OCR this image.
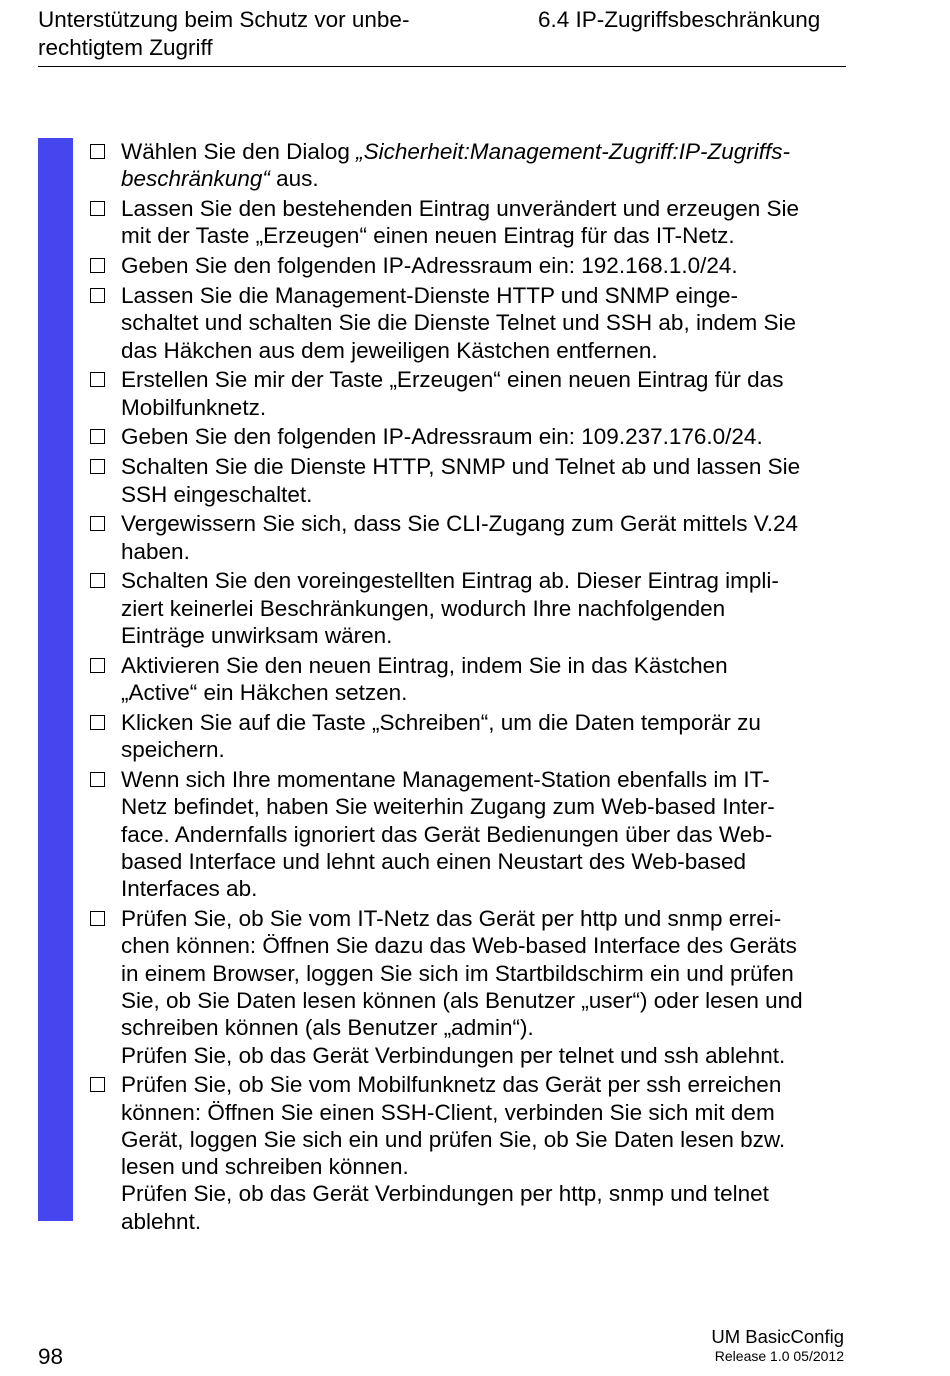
Unterstützung beim Schutz vor unbe-
rechtigtem Zugriff
6.4 IP-Zugriffsbeschränkung
Wählen Sie den Dialog „Sicherheit:Management-Zugriff:IP-Zugriffs-
beschränkung“ aus.
Lassen Sie den bestehenden Eintrag unverändert und erzeugen Sie
mit der Taste „Erzeugen“ einen neuen Eintrag für das IT-Netz.
Geben Sie den folgenden IP-Adressraum ein: 192.168.1.0/24.
Lassen Sie die Management-Dienste HTTP und SNMP einge-
schaltet und schalten Sie die Dienste Telnet und SSH ab, indem Sie
das Häkchen aus dem jeweiligen Kästchen entfernen.
Erstellen Sie mir der Taste „Erzeugen“ einen neuen Eintrag für das
Mobilfunknetz.
Geben Sie den folgenden IP-Adressraum ein: 109.237.176.0/24.
Schalten Sie die Dienste HTTP, SNMP und Telnet ab und lassen Sie
SSH eingeschaltet.
Vergewissern Sie sich, dass Sie CLI-Zugang zum Gerät mittels V.24
haben.
Schalten Sie den voreingestellten Eintrag ab. Dieser Eintrag impli-
ziert keinerlei Beschränkungen, wodurch Ihre nachfolgenden
Einträge unwirksam wären.
Aktivieren Sie den neuen Eintrag, indem Sie in das Kästchen
„Active“ ein Häkchen setzen.
Klicken Sie auf die Taste „Schreiben“, um die Daten temporär zu
speichern.
Wenn sich Ihre momentane Management-Station ebenfalls im IT-
Netz befindet, haben Sie weiterhin Zugang zum Web-based Inter-
face. Andernfalls ignoriert das Gerät Bedienungen über das Web-
based Interface und lehnt auch einen Neustart des Web-based
Interfaces ab.
Prüfen Sie, ob Sie vom IT-Netz das Gerät per http und snmp errei-
chen können: Öffnen Sie dazu das Web-based Interface des Geräts
in einem Browser, loggen Sie sich im Startbildschirm ein und prüfen
Sie, ob Sie Daten lesen können (als Benutzer „user“) oder lesen und
schreiben können (als Benutzer „admin“).
Prüfen Sie, ob das Gerät Verbindungen per telnet und ssh ablehnt.
Prüfen Sie, ob Sie vom Mobilfunknetz das Gerät per ssh erreichen
können: Öffnen Sie einen SSH-Client, verbinden Sie sich mit dem
Gerät, loggen Sie sich ein und prüfen Sie, ob Sie Daten lesen bzw.
lesen und schreiben können.
Prüfen Sie, ob das Gerät Verbindungen per http, snmp und telnet
ablehnt.
98
UM BasicConfig
Release 1.0 05/2012
